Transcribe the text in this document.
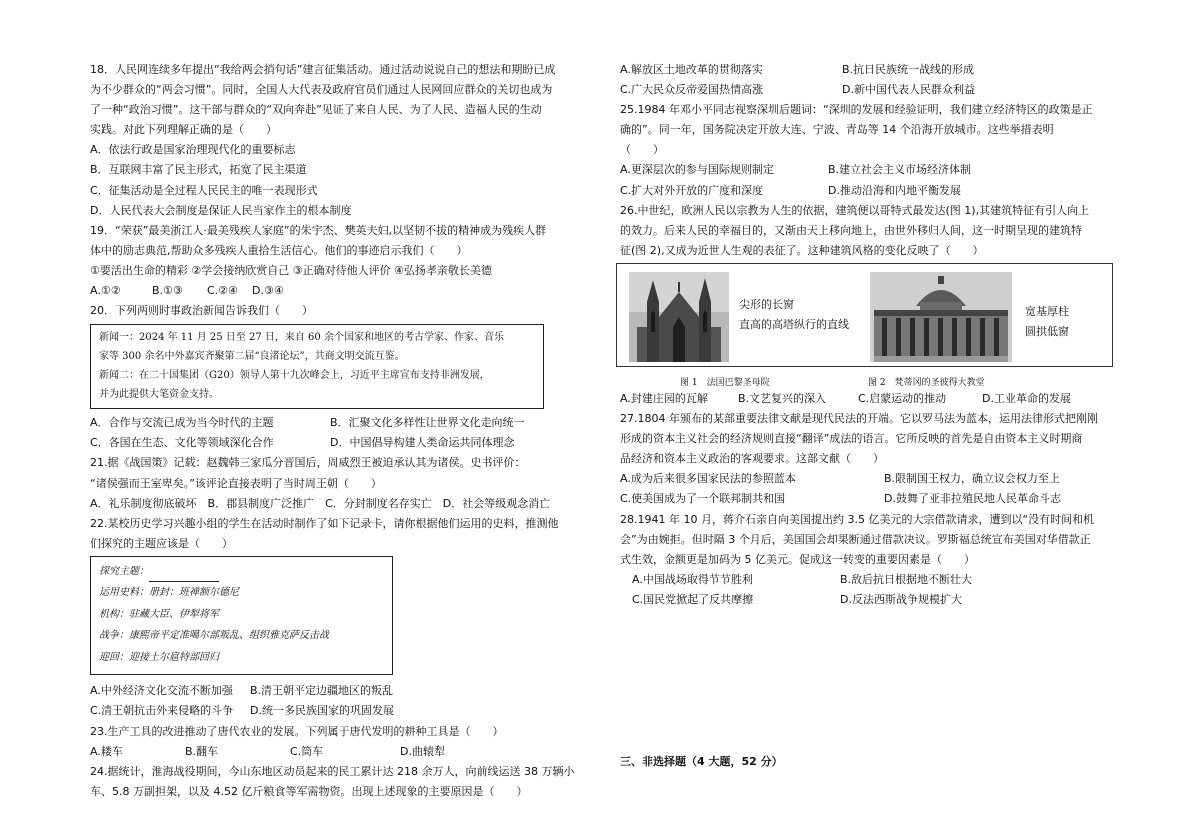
18．人民网连续多年提出“我给两会捎句话”建言征集活动。通过活动说说自己的想法和期盼已成
为不少群众的“两会习惯”。同时，全国人大代表及政府官员们通过人民网回应群众的关切也成为
了一种“政治习惯”。这干部与群众的“双向奔赴”见证了来自人民、为了人民、造福人民的生动
实践。对此下列理解正确的是（　　）
A．依法行政是国家治理现代化的重要标志
B．互联网丰富了民主形式，拓宽了民主渠道
C．征集活动是全过程人民民主的唯一表现形式
D．人民代表大会制度是保证人民当家作主的根本制度
19．“荣获”最美浙江人·最美残疾人家庭”的朱宇杰、樊英夫妇,以坚韧不拔的精神成为残疾人群
体中的励志典范,帮助众多残疾人重拾生活信心。他们的事迹启示我们（　　）
①要活出生命的精彩 ②学会接纳欣赏自己 ③正确对待他人评价 ④弘扬孝亲敬长美德
A.①②	B.①③	C.②④	D.③④
20．下列两则时事政治新闻告诉我们（　　）
新闻一：2024 年 11 月 25 日至 27 日，来自 60 余个国家和地区的考古学家、作家、音乐
家等 300 余名中外嘉宾齐聚第二届“良渚论坛”，共商文明交流互鉴。
新闻二：在二十国集团（G20）领导人第十九次峰会上，习近平主席宣布支持非洲发展，
并为此提供大笔资金支持。
A．合作与交流已成为当今时代的主题	B．汇聚文化多样性让世界文化走向统一
C．各国在生态、文化等领域深化合作	D．中国倡导构建人类命运共同体理念
21.据《战国策》记载：赵魏韩三家瓜分晋国后，周威烈王被迫承认其为诸侯。史书评价：
“诸侯强而王室卑矣。”该评论直接表明了当时周王朝（　　）
A．礼乐制度彻底破坏　B．郡县制度广泛推广　C．分封制度名存实亡　D．社会等级观念消亡
22.某校历史学习兴趣小组的学生在活动时制作了如下记录卡，请你根据他们运用的史料，推测他
们探究的主题应该是（　　）
探究主题：
运用史料：册封：班禅额尔德尼
机构：驻藏大臣、伊犁将军
战争：康熙帝平定准噶尔部叛乱、组织雅克萨反击战
迎回：迎接土尔扈特部回归
A.中外经济文化交流不断加强	B.清王朝平定边疆地区的叛乱
C.清王朝抗击外来侵略的斗争	D.统一多民族国家的巩固发展
23.生产工具的改进推动了唐代农业的发展。下列属于唐代发明的耕种工具是（　　）
A.耧车	B.翻车	C.筒车	D.曲辕犁
24.据统计，淮海战役期间，今山东地区动员起来的民工累计达 218 余万人，向前线运送 38 万辆小
车、5.8 万副担架，以及 4.52 亿斤粮食等军需物资。出现上述现象的主要原因是（　　）
A.解放区土地改革的贯彻落实	B.抗日民族统一战线的形成
C.广大民众反帝爱国热情高涨	D.新中国代表人民群众利益
25.1984 年邓小平同志视察深圳后题词：“深圳的发展和经验证明，我们建立经济特区的政策是正
确的”。同一年，国务院决定开放大连、宁波、青岛等 14 个沿海开放城市。这些举措表明
（　　）
A.更深层次的参与国际规则制定	B.建立社会主义市场经济体制
C.扩大对外开放的广度和深度	D.推动沿海和内地平衡发展
26.中世纪，欧洲人民以宗教为人生的依据，建筑便以哥特式最发达(图 1),其建筑特征有引人向上
的效力。后来人民的幸福目的，又渐由天上移向地上，由世外移归人间，这一时期呈现的建筑特
征(图 2),又成为近世人生观的表征了。这种建筑风格的变化反映了（　　）
尖形的长窗
直高的高塔纵行的直线
宽基厚柱
圆拱低窗
图 1　法国巴黎圣母院	图 2　梵蒂冈的圣彼得大教堂
A.封建庄园的瓦解	B.文艺复兴的深入	C.启蒙运动的推动	D.工业革命的发展
27.1804 年颁布的某部重要法律文献是现代民法的开端。它以罗马法为蓝本，运用法律形式把刚刚
形成的资本主义社会的经济规则直接“翻译”成法的语言。它所反映的首先是自由资本主义时期商
品经济和资本主义政治的客观要求。这部文献（　　）
A.成为后来很多国家民法的参照蓝本	B.限制国王权力，确立议会权力至上
C.使美国成为了一个联邦制共和国	D.鼓舞了亚非拉殖民地人民革命斗志
28.1941 年 10 月，蒋介石亲自向美国提出约 3.5 亿美元的大宗借款请求，遭到以“没有时间和机
会”为由婉拒。但时隔 3 个月后，美国国会却果断通过借款决议。罗斯福总统宣布美国对华借款正
式生效，金额更是加码为 5 亿美元。促成这一转变的重要因素是（　　）
A.中国战场取得节节胜利	B.敌后抗日根据地不断壮大
C.国民党掀起了反共摩擦	D.反法西斯战争规模扩大
三、非选择题（4 大题，52 分）
